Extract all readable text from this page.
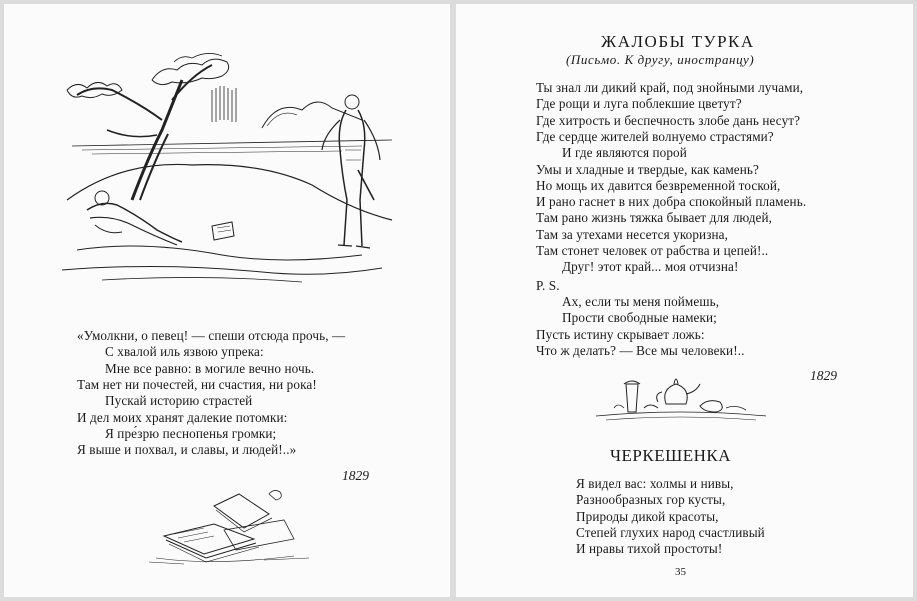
«Умолкни, о певец! — спеши отсюда прочь, —
С хвалой иль язвою упрека:
Мне все равно: в могиле вечно ночь.
Там нет ни почестей, ни счастия, ни рока!
Пускай историю страстей
И дел моих хранят далекие потомки:
Я пре́зрю песнопенья громки;
Я выше и похвал, и славы, и людей!..»
1829
ЖАЛОБЫ ТУРКА
(Письмо. К другу, иностранцу)
Ты знал ли дикий край, под знойными лучами,
Где рощи и луга поблекшие цветут?
Где хитрость и беспечность злобе дань несут?
Где сердце жителей волнуемо страстями?
И где являются порой
Умы и хладные и твердые, как камень?
Но мощь их давится безвременной тоской,
И рано гаснет в них добра спокойный пламень.
Там рано жизнь тяжка бывает для людей,
Там за утехами несется укоризна,
Там стонет человек от рабства и цепей!..
Друг! этот край... моя отчизна!
P. S.
Ах, если ты меня поймешь,
Прости свободные намеки;
Пусть истину скрывает ложь:
Что ж делать? — Все мы человеки!..
1829
ЧЕРКЕШЕНКА
Я видел вас: холмы и нивы,
Разнообразных гор кусты,
Природы дикой красоты,
Степей глухих народ счастливый
И нравы тихой простоты!
35
